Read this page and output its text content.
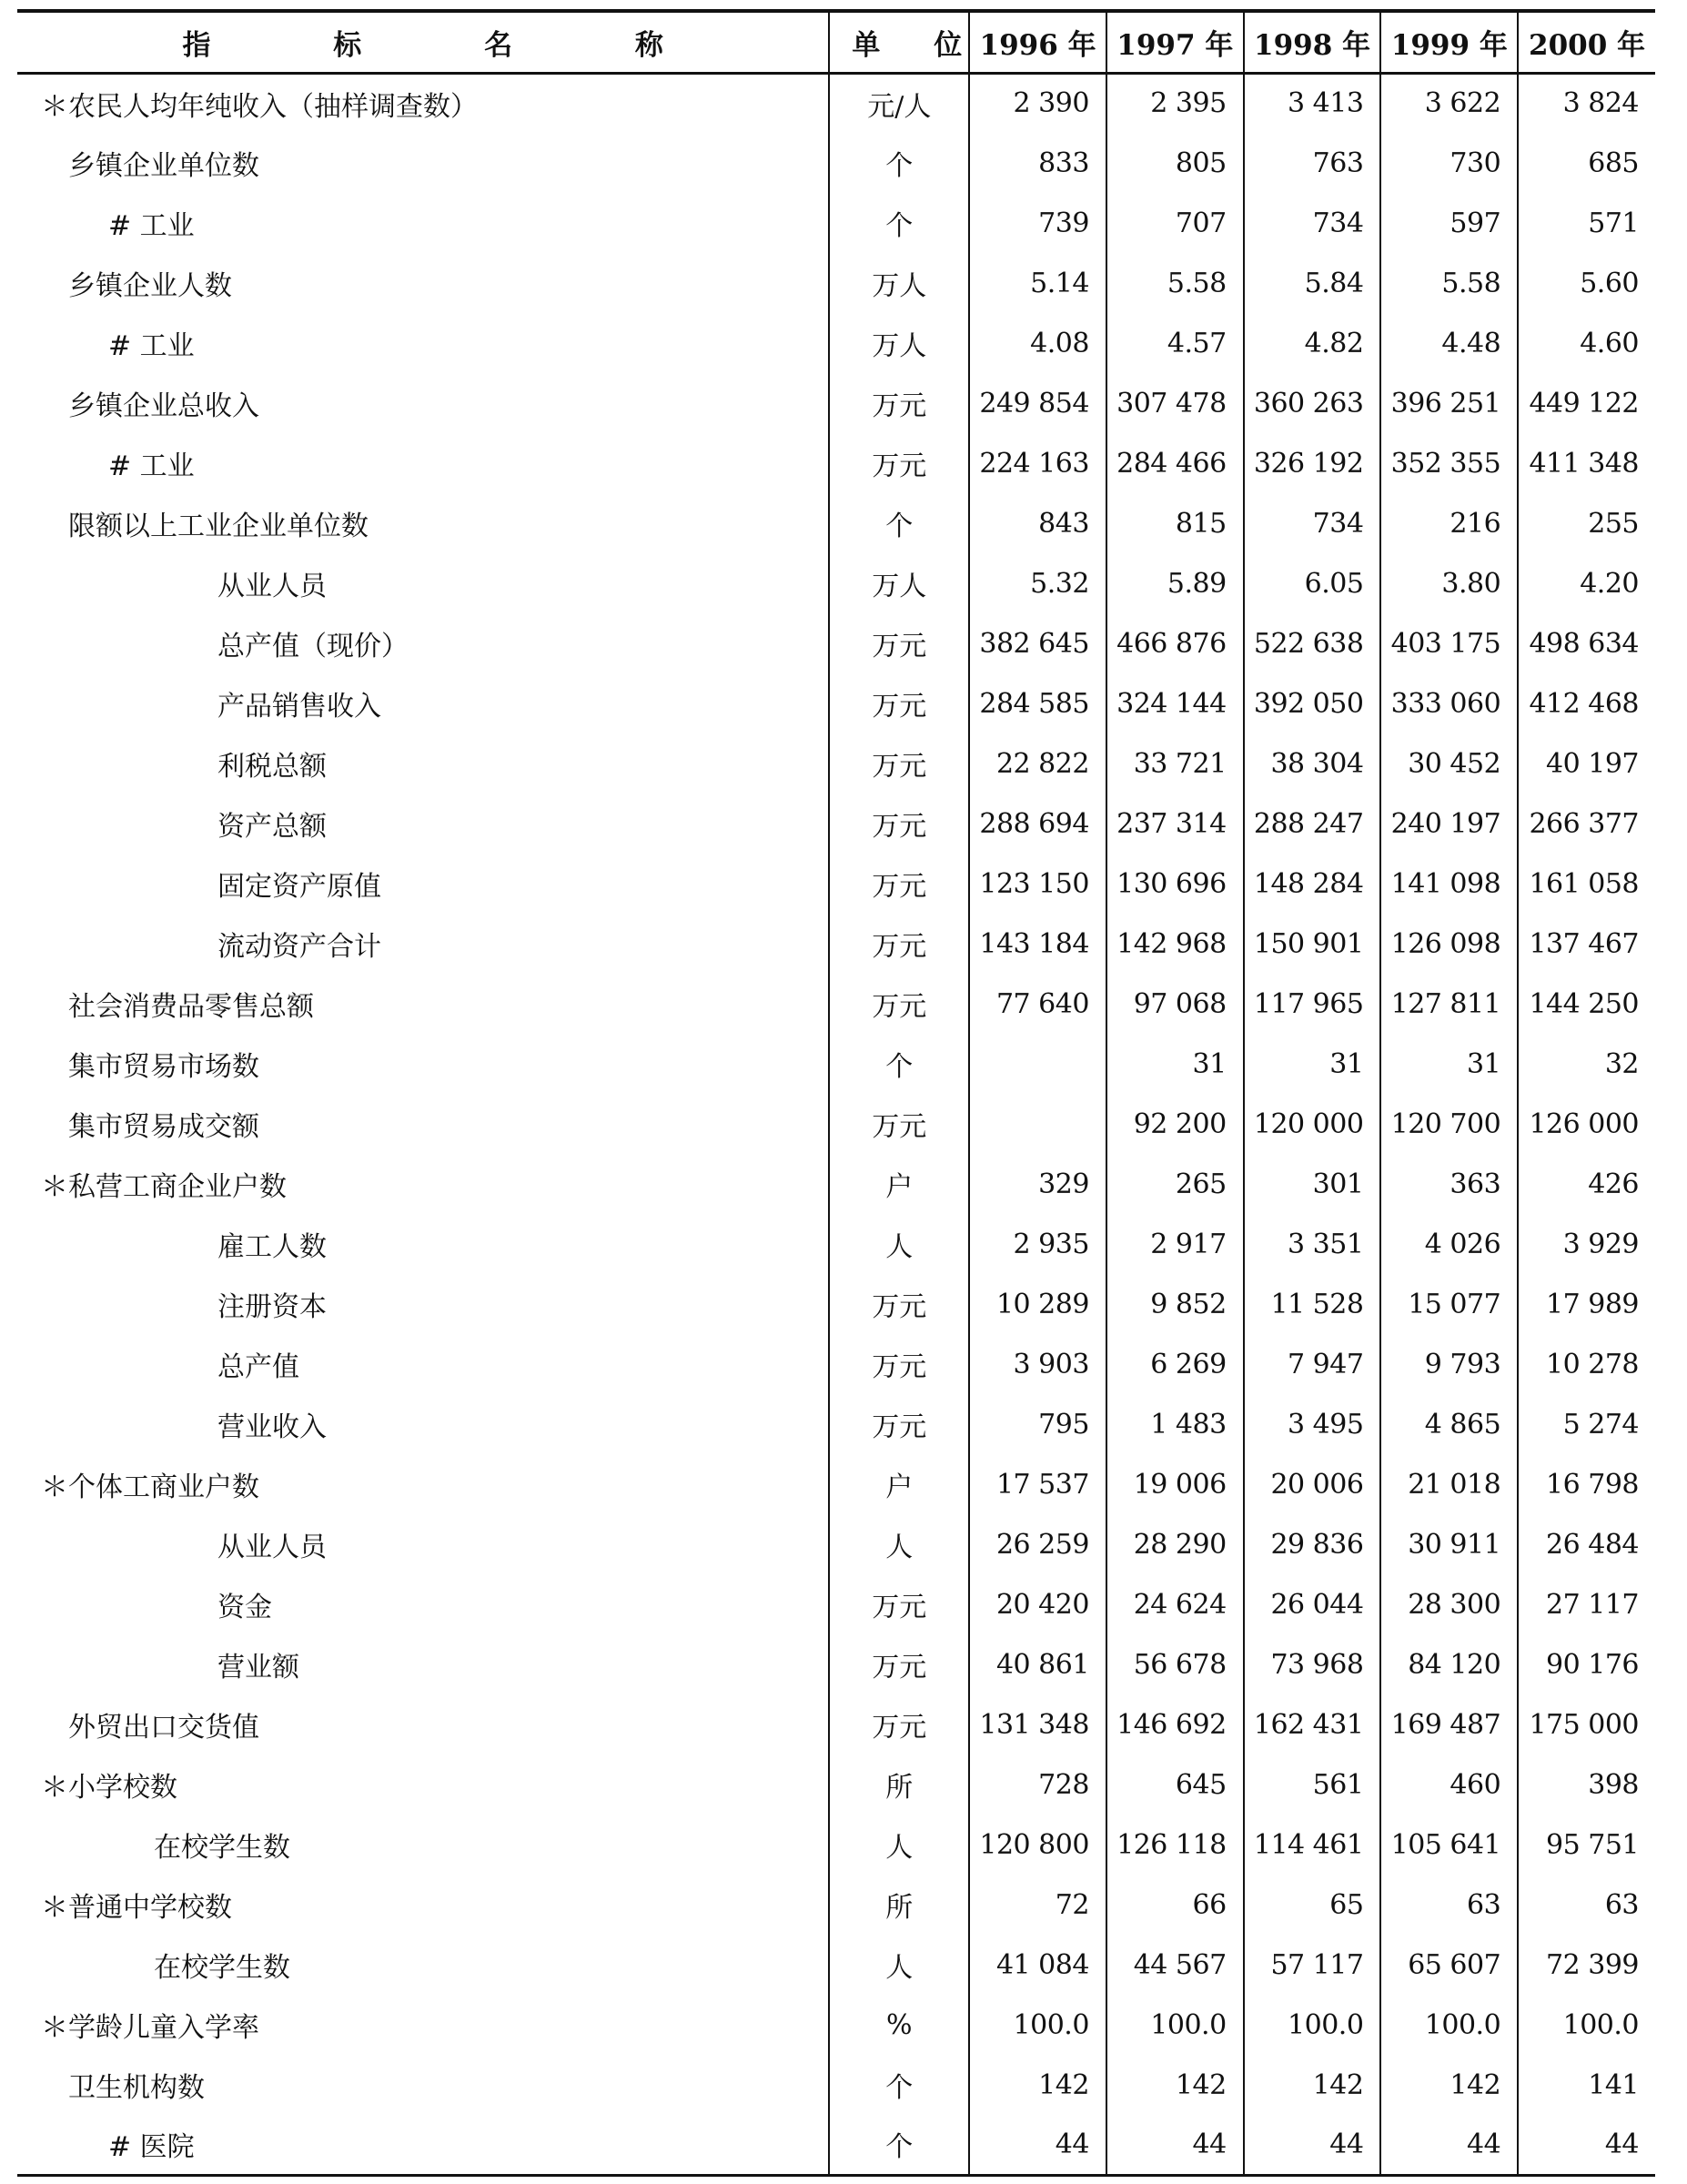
指 标 名 称	单 位	1996 年	1997 年	1998 年	1999 年	2000 年
＊农民人均年纯收入（抽样调查数）	元/人	2 390	2 395	3 413	3 622	3 824
乡镇企业单位数	个	833	805	763	730	685
# 工业	个	739	707	734	597	571
乡镇企业人数	万人	5.14	5.58	5.84	5.58	5.60
# 工业	万人	4.08	4.57	4.82	4.48	4.60
乡镇企业总收入	万元	249 854	307 478	360 263	396 251	449 122
# 工业	万元	224 163	284 466	326 192	352 355	411 348
限额以上工业企业单位数	个	843	815	734	216	255
从业人员	万人	5.32	5.89	6.05	3.80	4.20
总产值（现价）	万元	382 645	466 876	522 638	403 175	498 634
产品销售收入	万元	284 585	324 144	392 050	333 060	412 468
利税总额	万元	22 822	33 721	38 304	30 452	40 197
资产总额	万元	288 694	237 314	288 247	240 197	266 377
固定资产原值	万元	123 150	130 696	148 284	141 098	161 058
流动资产合计	万元	143 184	142 968	150 901	126 098	137 467
社会消费品零售总额	万元	77 640	97 068	117 965	127 811	144 250
集市贸易市场数	个		31	31	31	32
集市贸易成交额	万元		92 200	120 000	120 700	126 000
＊私营工商企业户数	户	329	265	301	363	426
雇工人数	人	2 935	2 917	3 351	4 026	3 929
注册资本	万元	10 289	9 852	11 528	15 077	17 989
总产值	万元	3 903	6 269	7 947	9 793	10 278
营业收入	万元	795	1 483	3 495	4 865	5 274
＊个体工商业户数	户	17 537	19 006	20 006	21 018	16 798
从业人员	人	26 259	28 290	29 836	30 911	26 484
资金	万元	20 420	24 624	26 044	28 300	27 117
营业额	万元	40 861	56 678	73 968	84 120	90 176
外贸出口交货值	万元	131 348	146 692	162 431	169 487	175 000
＊小学校数	所	728	645	561	460	398
在校学生数	人	120 800	126 118	114 461	105 641	95 751
＊普通中学校数	所	72	66	65	63	63
在校学生数	人	41 084	44 567	57 117	65 607	72 399
＊学龄儿童入学率	%	100.0	100.0	100.0	100.0	100.0
卫生机构数	个	142	142	142	142	141
# 医院	个	44	44	44	44	44
